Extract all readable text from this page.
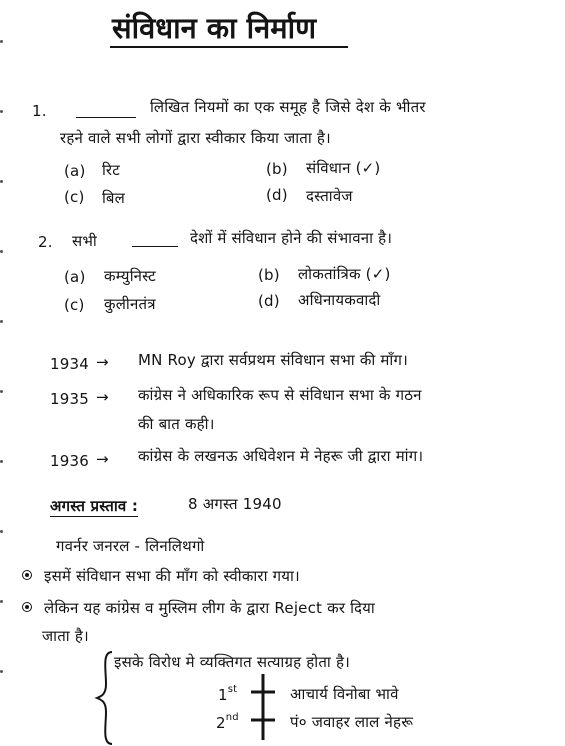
संविधान का निर्माण
1.	लिखित नियमों का एक समूह है जिसे देश के भीतर
रहने वाले सभी लोगों द्वारा स्वीकार किया जाता है।
(a) रिट	(b) संविधान (✓)
(c) बिल	(d) दस्तावेज
2. सभी	देशों में संविधान होने की संभावना है।
(a) कम्युनिस्ट	(b) लोकतांत्रिक (✓)
(c) कुलीनतंत्र	(d) अधिनायकवादी
1934 → MN Roy द्वारा सर्वप्रथम संविधान सभा की माँग।
1935 → कांग्रेस ने अधिकारिक रूप से संविधान सभा के गठन
की बात कही।
1936 → कांग्रेस के लखनऊ अधिवेशन मे नेहरू जी द्वारा मांग।
अगस्त प्रस्ताव :	8 अगस्त 1940
गवर्नर जनरल - लिनलिथगो
इसमें संविधान सभा की माँग को स्वीकारा गया।
लेकिन यह कांग्रेस व मुस्लिम लीग के द्वारा Reject कर दिया
जाता है।
इसके विरोध मे व्यक्तिगत सत्याग्रह होता है।
1st	आचार्य विनोबा भावे
2nd	पं० जवाहर लाल नेहरू
